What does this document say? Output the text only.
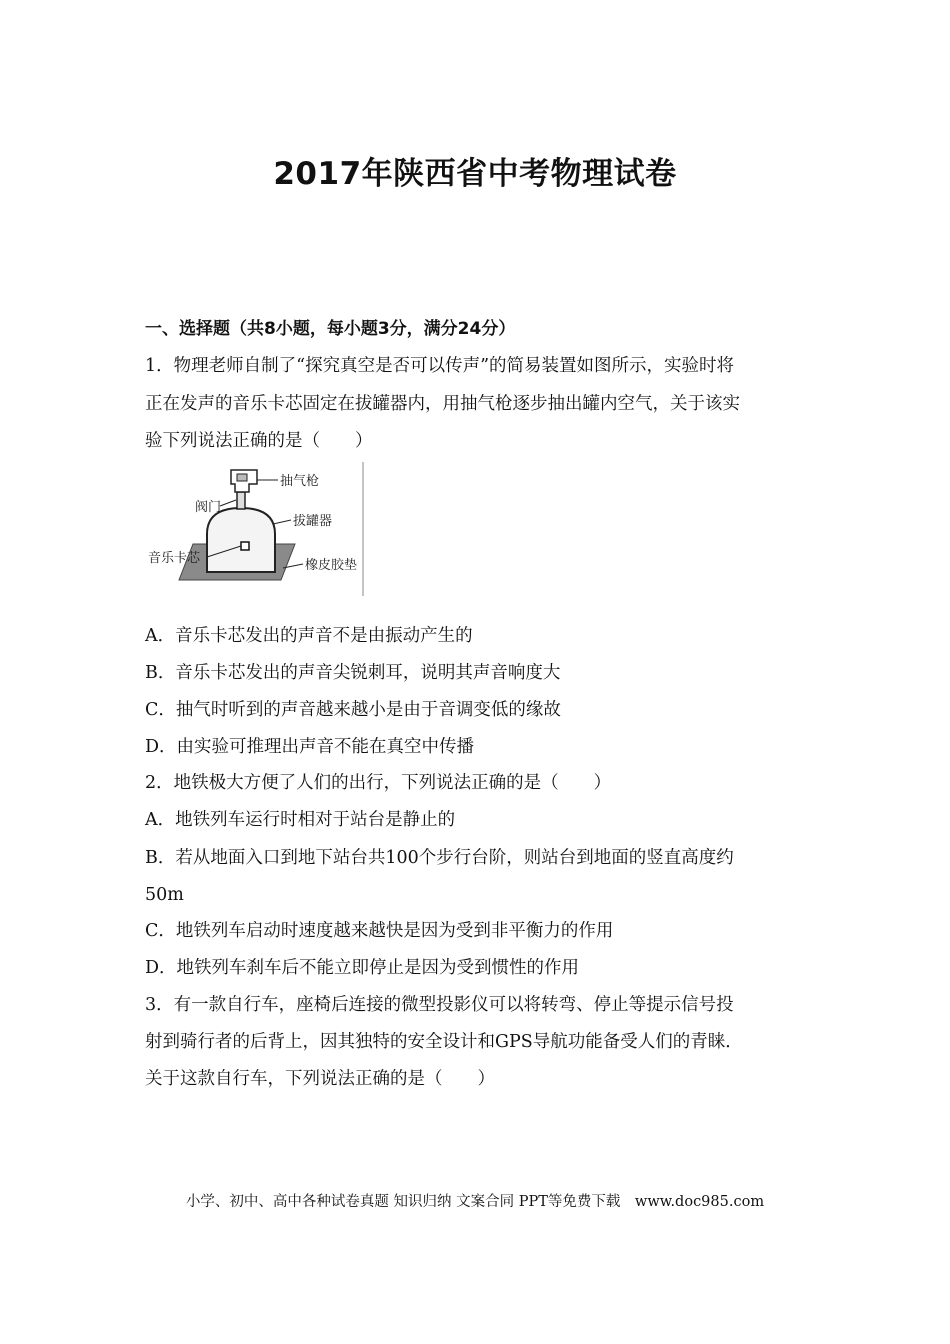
2017年陕西省中考物理试卷
一、选择题（共8小题，每小题3分，满分24分）
1．物理老师自制了“探究真空是否可以传声”的简易装置如图所示，实验时将
正在发声的音乐卡芯固定在拔罐器内，用抽气枪逐步抽出罐内空气，关于该实
验下列说法正确的是（　　）
抽气枪
阀门
拔罐器
音乐卡芯	橡皮胶垫
A．音乐卡芯发出的声音不是由振动产生的
B．音乐卡芯发出的声音尖锐刺耳，说明其声音响度大
C．抽气时听到的声音越来越小是由于音调变低的缘故
D．由实验可推理出声音不能在真空中传播
2．地铁极大方便了人们的出行，下列说法正确的是（　　）
A．地铁列车运行时相对于站台是静止的
B．若从地面入口到地下站台共100个步行台阶，则站台到地面的竖直高度约
50m
C．地铁列车启动时速度越来越快是因为受到非平衡力的作用
D．地铁列车刹车后不能立即停止是因为受到惯性的作用
3．有一款自行车，座椅后连接的微型投影仪可以将转弯、停止等提示信号投
射到骑行者的后背上，因其独特的安全设计和GPS导航功能备受人们的青睐．
关于这款自行车，下列说法正确的是（　　）
小学、初中、高中各种试卷真题 知识归纳 文案合同 PPT等免费下载　www.doc985.com
